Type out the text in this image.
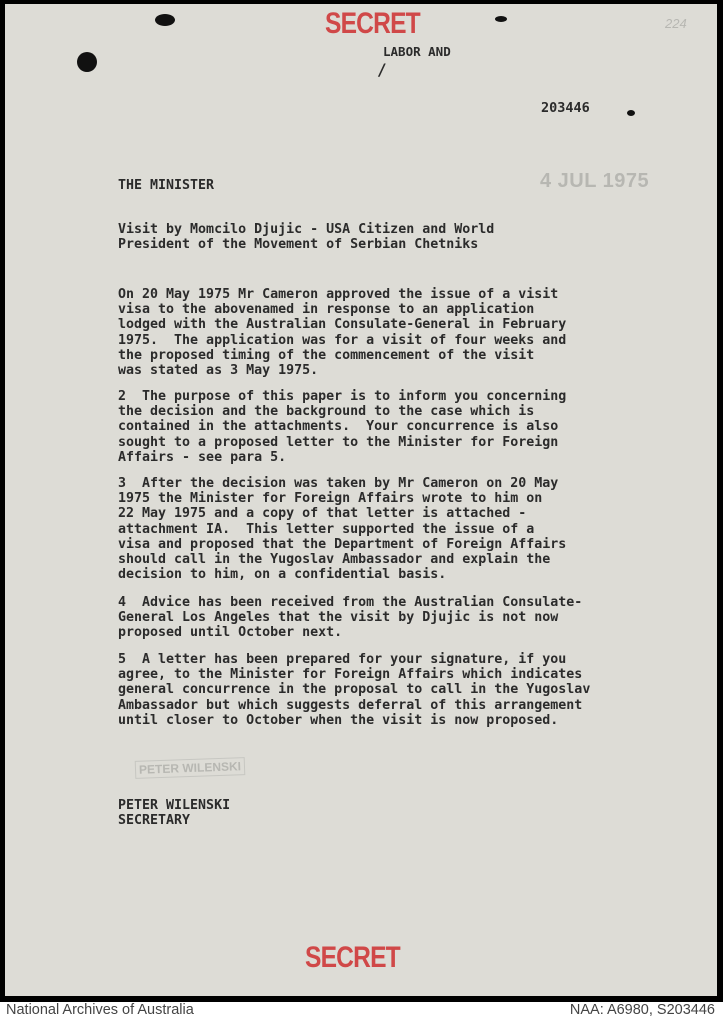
SECRET	224
LABOR AND
/
203446
THE MINISTER	4 JUL 1975
Visit by Momcilo Djujic - USA Citizen and World
President of the Movement of Serbian Chetniks
On 20 May 1975 Mr Cameron approved the issue of a visit
visa to the abovenamed in response to an application
lodged with the Australian Consulate-General in February
1975.  The application was for a visit of four weeks and
the proposed timing of the commencement of the visit
was stated as 3 May 1975.
2  The purpose of this paper is to inform you concerning
the decision and the background to the case which is
contained in the attachments.  Your concurrence is also
sought to a proposed letter to the Minister for Foreign
Affairs - see para 5.
3  After the decision was taken by Mr Cameron on 20 May
1975 the Minister for Foreign Affairs wrote to him on
22 May 1975 and a copy of that letter is attached -
attachment IA.  This letter supported the issue of a
visa and proposed that the Department of Foreign Affairs
should call in the Yugoslav Ambassador and explain the
decision to him, on a confidential basis.
4  Advice has been received from the Australian Consulate-
General Los Angeles that the visit by Djujic is not now
proposed until October next.
5  A letter has been prepared for your signature, if you
agree, to the Minister for Foreign Affairs which indicates
general concurrence in the proposal to call in the Yugoslav
Ambassador but which suggests deferral of this arrangement
until closer to October when the visit is now proposed.
PETER WILENSKI
PETER WILENSKI
SECRETARY
SECRET
National Archives of Australia	NAA: A6980, S203446
